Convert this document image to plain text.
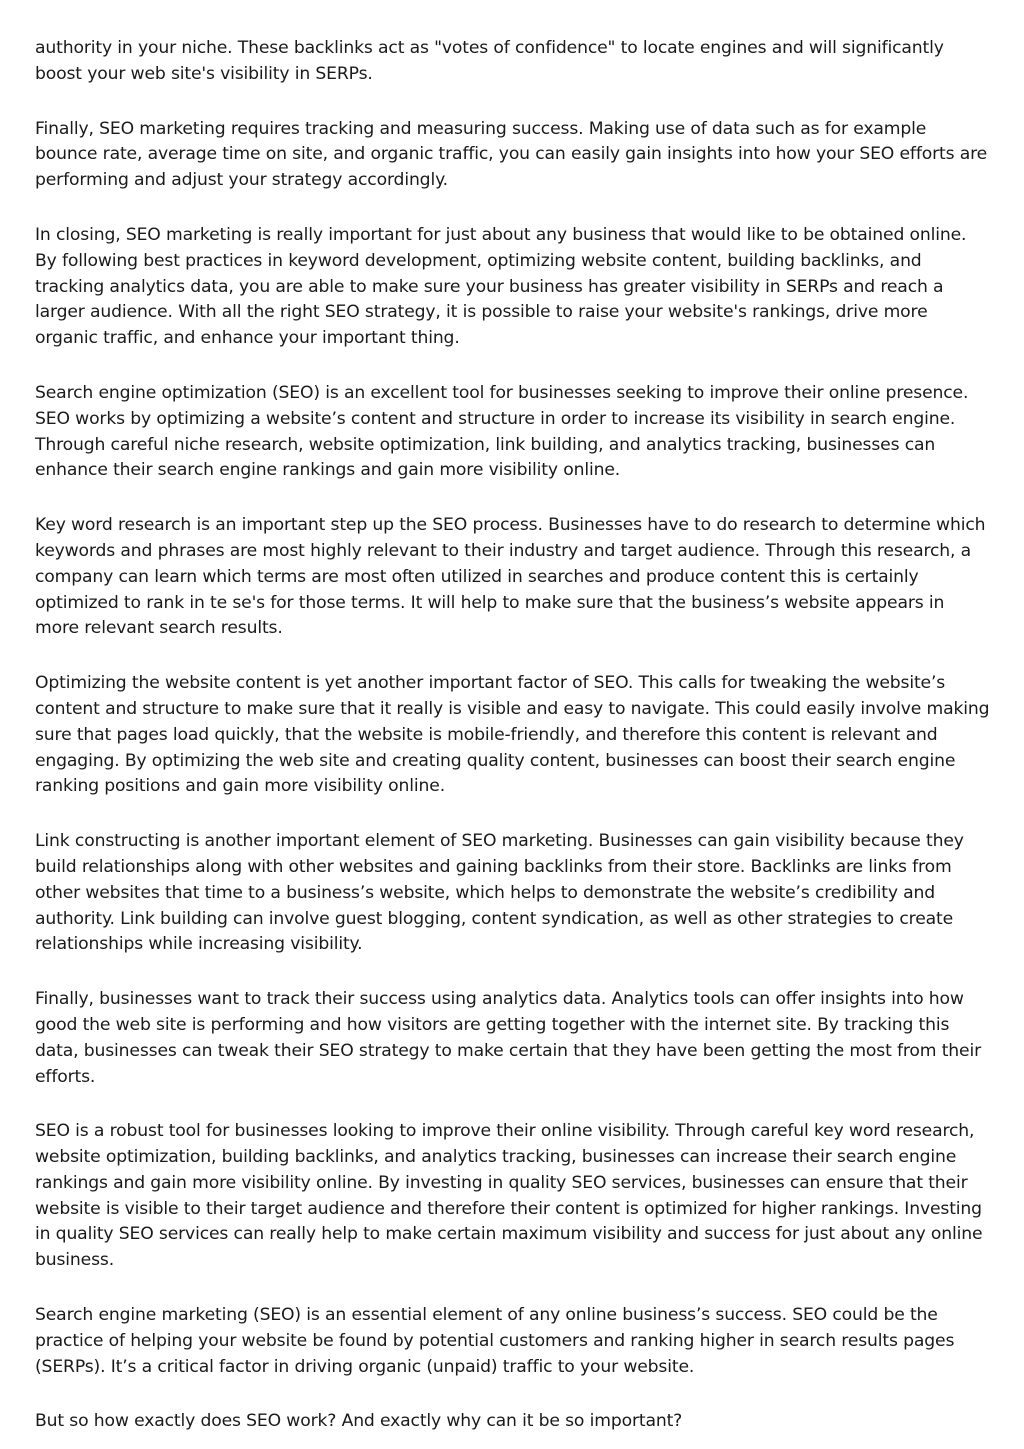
authority in your niche. These backlinks act as "votes of confidence" to locate engines and will significantly boost your web site's visibility in SERPs.

Finally, SEO marketing requires tracking and measuring success. Making use of data such as for example bounce rate, average time on site, and organic traffic, you can easily gain insights into how your SEO efforts are performing and adjust your strategy accordingly.

In closing, SEO marketing is really important for just about any business that would like to be obtained online. By following best practices in keyword development, optimizing website content, building backlinks, and tracking analytics data, you are able to make sure your business has greater visibility in SERPs and reach a larger audience. With all the right SEO strategy, it is possible to raise your website's rankings, drive more organic traffic, and enhance your important thing.

Search engine optimization (SEO) is an excellent tool for businesses seeking to improve their online presence. SEO works by optimizing a website’s content and structure in order to increase its visibility in search engine. Through careful niche research, website optimization, link building, and analytics tracking, businesses can enhance their search engine rankings and gain more visibility online.

Key word research is an important step up the SEO process. Businesses have to do research to determine which keywords and phrases are most highly relevant to their industry and target audience. Through this research, a company can learn which terms are most often utilized in searches and produce content this is certainly optimized to rank in te se's for those terms. It will help to make sure that the business’s website appears in more relevant search results.

Optimizing the website content is yet another important factor of SEO. This calls for tweaking the website’s content and structure to make sure that it really is visible and easy to navigate. This could easily involve making sure that pages load quickly, that the website is mobile-friendly, and therefore this content is relevant and engaging. By optimizing the web site and creating quality content, businesses can boost their search engine ranking positions and gain more visibility online.

Link constructing is another important element of SEO marketing. Businesses can gain visibility because they build relationships along with other websites and gaining backlinks from their store. Backlinks are links from other websites that time to a business’s website, which helps to demonstrate the website’s credibility and authority. Link building can involve guest blogging, content syndication, as well as other strategies to create relationships while increasing visibility.

Finally, businesses want to track their success using analytics data. Analytics tools can offer insights into how good the web site is performing and how visitors are getting together with the internet site. By tracking this data, businesses can tweak their SEO strategy to make certain that they have been getting the most from their efforts.

SEO is a robust tool for businesses looking to improve their online visibility. Through careful key word research, website optimization, building backlinks, and analytics tracking, businesses can increase their search engine rankings and gain more visibility online. By investing in quality SEO services, businesses can ensure that their website is visible to their target audience and therefore their content is optimized for higher rankings. Investing in quality SEO services can really help to make certain maximum visibility and success for just about any online business.

Search engine marketing (SEO) is an essential element of any online business’s success. SEO could be the practice of helping your website be found by potential customers and ranking higher in search results pages (SERPs). It’s a critical factor in driving organic (unpaid) traffic to your website.

But so how exactly does SEO work? And exactly why can it be so important?
